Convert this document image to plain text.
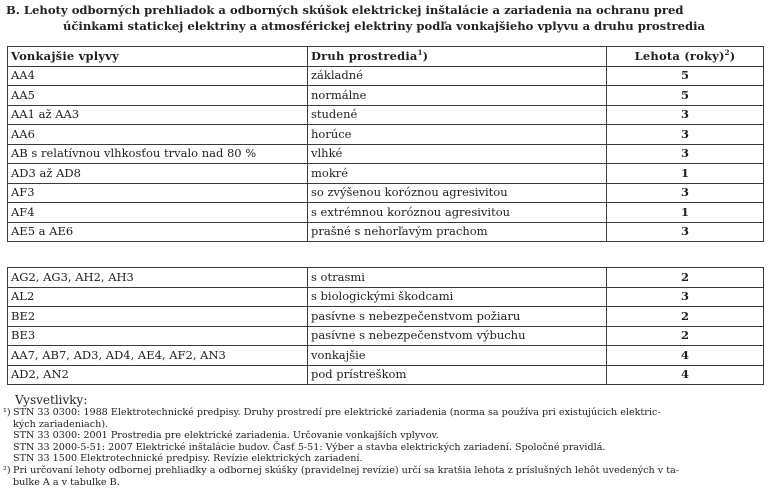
B. Lehoty odborných prehliadok a odborných skúšok elektrickej inštalácie a zariadenia na ochranu pred
účinkami statickej elektriny a atmosférickej elektriny podľa vonkajšieho vplyvu a druhu prostredia
Vonkajšie vplyvy	Druh prostredia$^1$)	Lehota (roky)$^2$)
AA4	základné	5
AA5	normálne	5
AA1 až AA3	studené	3
AA6	horúce	3
AB s relatívnou vlhkosťou trvalo nad 80 %	vlhké	3
AD3 až AD8	mokré	1
AF3	so zvýšenou koróznou agresivitou	3
AF4	s extrémnou koróznou agresivitou	1
AE5 a AE6	prašné s nehorľavým prachom	3
AG2, AG3, AH2, AH3	s otrasmi	2
AL2	s biologickými škodcami	3
BE2	pasívne s nebezpečenstvom požiaru	2
BE3	pasívne s nebezpečenstvom výbuchu	2
AA7, AB7, AD3, AD4, AE4, AF2, AN3	vonkajšie	4
AD2, AN2	pod prístreškom	4
Vysvetlivky:
¹) STN 33 0300: 1988 Elektrotechnické predpisy. Druhy prostredí pre elektrické zariadenia (norma sa používa pri existujúcich elektric-
kých zariadeniach).
STN 33 0300: 2001 Prostredia pre elektrické zariadenia. Určovanie vonkajších vplyvov.
STN 33 2000-5-51: 2007 Elektrické inštalácie budov. Časť 5-51: Výber a stavba elektrických zariadení. Spoločné pravidlá.
STN 33 1500 Elektrotechnické predpisy. Revízie elektrických zariadení.
²) Pri určovaní lehoty odbornej prehliadky a odbornej skúšky (pravidelnej revízie) určí sa kratšia lehota z príslušných lehôt uvedených v ta-
bulke A a v tabulke B.
